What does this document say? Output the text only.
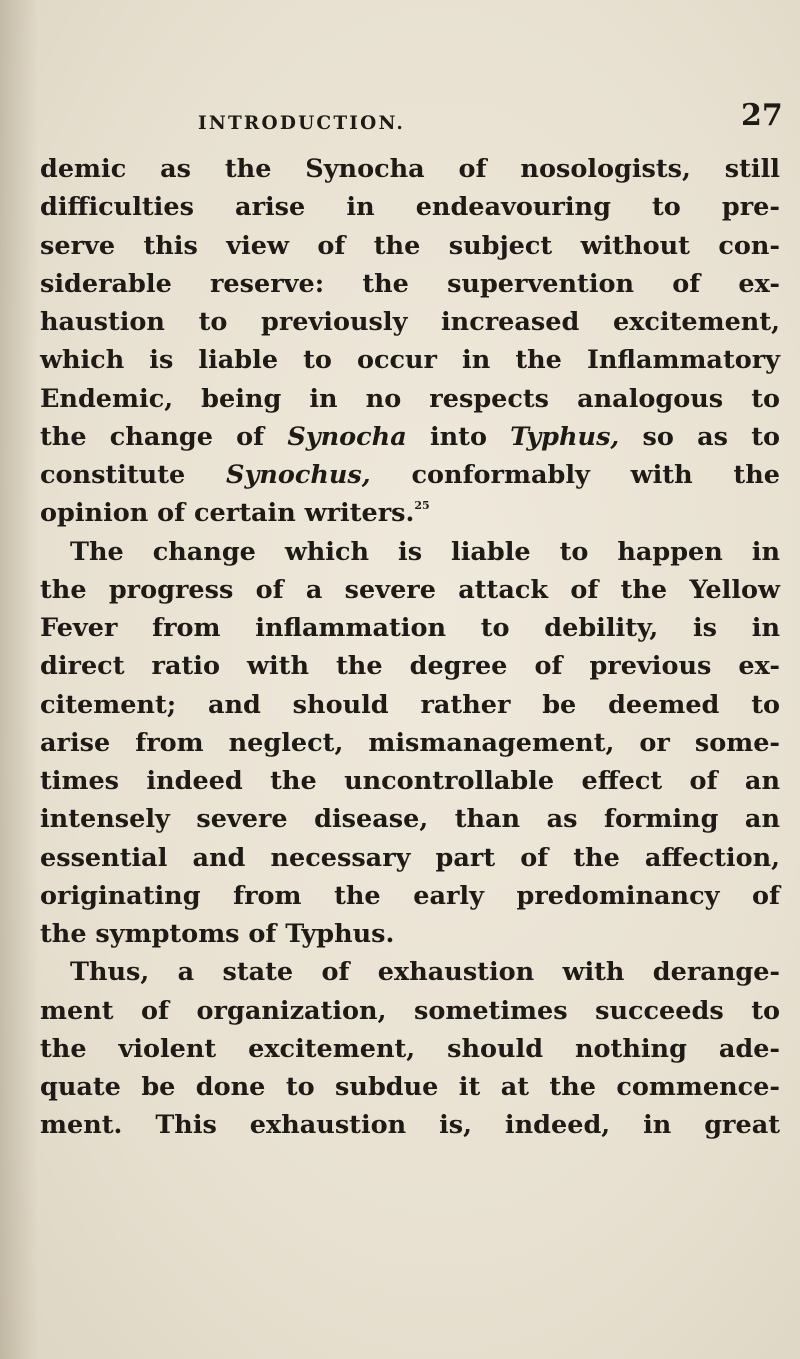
INTRODUCTION.	27
demic as the Synocha of nosologists, still
difficulties arise in endeavouring to pre-
serve this view of the subject without con-
siderable reserve: the supervention of ex-
haustion to previously increased excitement,
which is liable to occur in the Inflammatory
Endemic, being in no respects analogous to
the change of Synocha into Typhus, so as to
constitute Synochus, conformably with the
opinion of certain writers.$^{25}$
The change which is liable to happen in
the progress of a severe attack of the Yellow
Fever from inflammation to debility, is in
direct ratio with the degree of previous ex-
citement; and should rather be deemed to
arise from neglect, mismanagement, or some-
times indeed the uncontrollable effect of an
intensely severe disease, than as forming an
essential and necessary part of the affection,
originating from the early predominancy of
the symptoms of Typhus.
Thus, a state of exhaustion with derange-
ment of organization, sometimes succeeds to
the violent excitement, should nothing ade-
quate be done to subdue it at the commence-
ment. This exhaustion is, indeed, in great
